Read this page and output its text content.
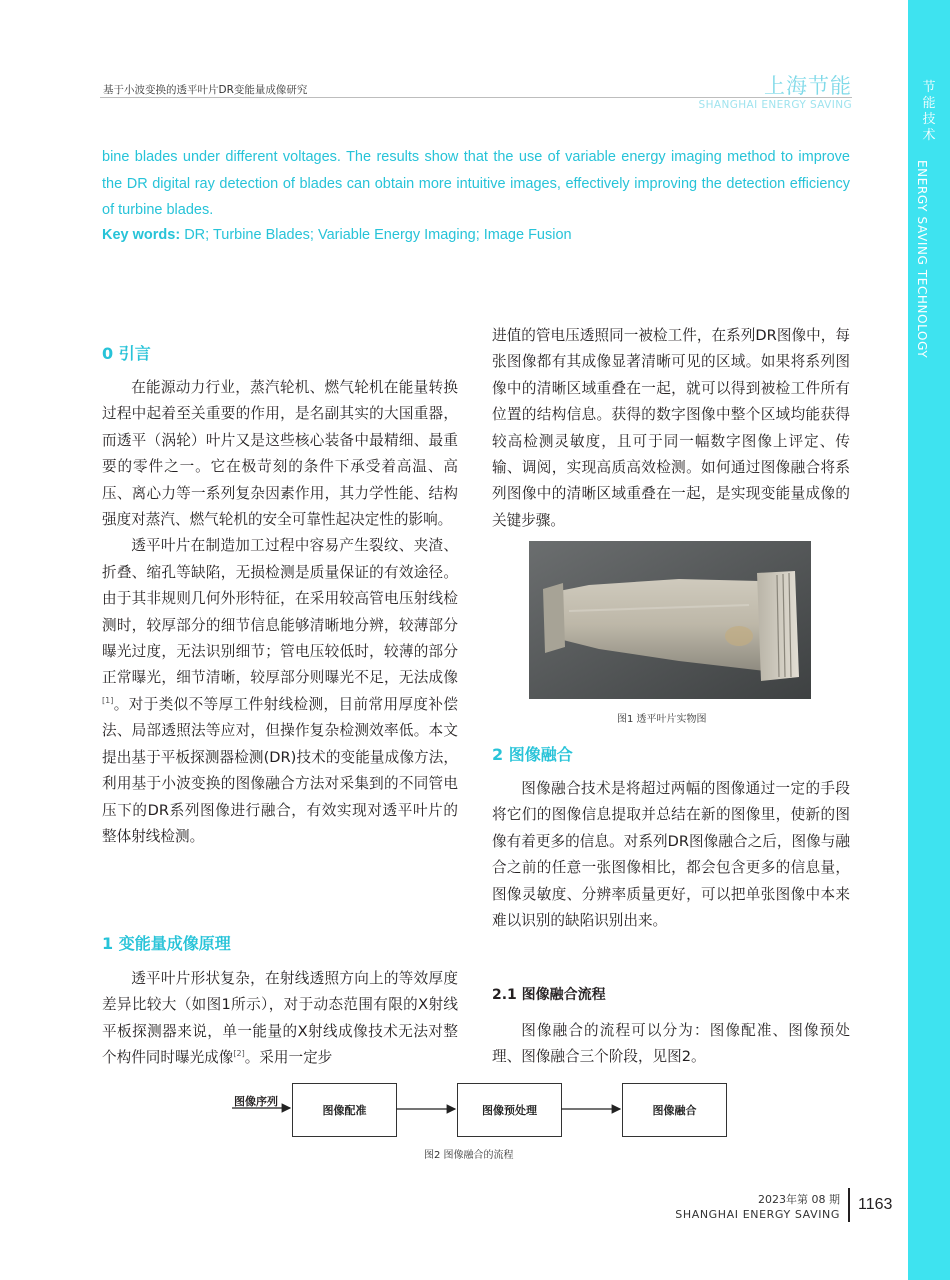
基于小波变换的透平叶片DR变能量成像研究	上海节能
SHANGHAI ENERGY SAVING
节
能
技
术
ENERGY SAVING TECHNOLOGY
bine blades under different voltages. The results show that the use of variable energy imaging method to improve the DR digital ray detection of blades can obtain more intuitive images, effectively improving the detection efficiency of turbine blades.
Key words: DR; Turbine Blades; Variable Energy Imaging; Image Fusion
0 引言

在能源动力行业，蒸汽轮机、燃气轮机在能量转换过程中起着至关重要的作用，是名副其实的大国重器，而透平（涡轮）叶片又是这些核心装备中最精细、最重要的零件之一。它在极苛刻的条件下承受着高温、高压、离心力等一系列复杂因素作用，其力学性能、结构强度对蒸汽、燃气轮机的安全可靠性起决定性的影响。

透平叶片在制造加工过程中容易产生裂纹、夹渣、折叠、缩孔等缺陷，无损检测是质量保证的有效途径。由于其非规则几何外形特征，在采用较高管电压射线检测时，较厚部分的细节信息能够清晰地分辨，较薄部分曝光过度，无法识别细节；管电压较低时，较薄的部分正常曝光，细节清晰，较厚部分则曝光不足，无法成像[1]。对于类似不等厚工件射线检测，目前常用厚度补偿法、局部透照法等应对，但操作复杂检测效率低。本文提出基于平板探测器检测(DR)技术的变能量成像方法，利用基于小波变换的图像融合方法对采集到的不同管电压下的DR系列图像进行融合，有效实现对透平叶片的整体射线检测。

1 变能量成像原理

透平叶片形状复杂，在射线透照方向上的等效厚度差异比较大（如图1所示），对于动态范围有限的X射线平板探测器来说，单一能量的X射线成像技术无法对整个构件同时曝光成像[2]。采用一定步

进值的管电压透照同一被检工件，在系列DR图像中，每张图像都有其成像显著清晰可见的区域。如果将系列图像中的清晰区域重叠在一起，就可以得到被检工件所有位置的结构信息。获得的数字图像中整个区域均能获得较高检测灵敏度，且可于同一幅数字图像上评定、传输、调阅，实现高质高效检测。如何通过图像融合将系列图像中的清晰区域重叠在一起，是实现变能量成像的关键步骤。

图1 透平叶片实物图
2 图像融合

图像融合技术是将超过两幅的图像通过一定的手段将它们的图像信息提取并总结在新的图像里，使新的图像有着更多的信息。对系列DR图像融合之后，图像与融合之前的任意一张图像相比，都会包含更多的信息量，图像灵敏度、分辨率质量更好，可以把单张图像中本来难以识别的缺陷识别出来。

2.1 图像融合流程

图像融合的流程可以分为：图像配准、图像预处理、图像融合三个阶段，见图2。

图像序列
图像配准	图像预处理	图像融合
图2 图像融合的流程
2023年第 08 期
SHANGHAI ENERGY SAVING
1163
